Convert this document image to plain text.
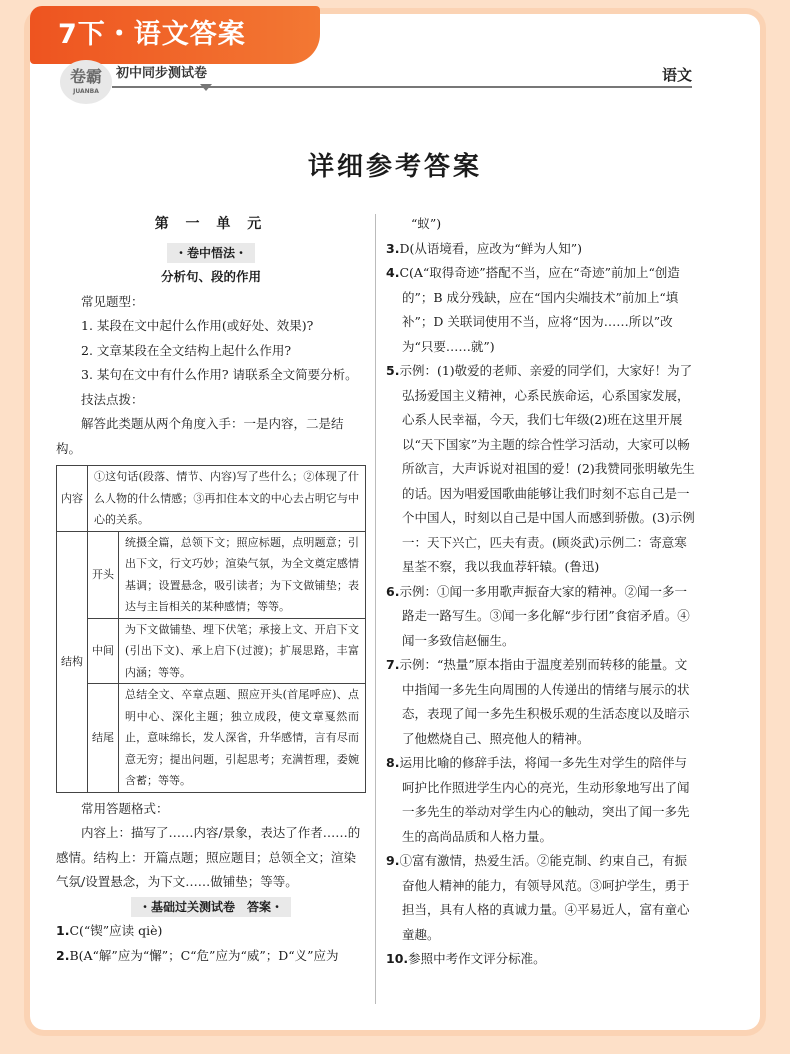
7下・语文答案
卷霸
JUANBA
初中同步测试卷	语文
详细参考答案
第 一 单 元
・卷中悟法・
分析句、段的作用

常见题型：

1. 某段在文中起什么作用(或好处、效果)?

2. 文章某段在全文结构上起什么作用?

3. 某句在文中有什么作用? 请联系全文简要分析。

技法点拨：

解答此类题从两个角度入手：一是内容，二是结构。

内容	①这句话(段落、情节、内容)写了些什么；②体现了什么人物的什么情感；③再扣住本文的中心去占明它与中心的关系。	
结构	开头	统摄全篇，总领下文；照应标题，点明题意；引出下文，行文巧妙；渲染气氛，为全文奠定感情基调；设置悬念，吸引读者；为下文做铺垫；表达与主旨相关的某种感情；等等。
	中间	为下文做铺垫、埋下伏笔；承接上文、开启下文(引出下文)、承上启下(过渡)；扩展思路，丰富内涵；等等。
	结尾	总结全文、卒章点题、照应开头(首尾呼应)、点明中心、深化主题；独立成段，使文章戛然而止，意味绵长，发人深省，升华感情，言有尽而意无穷；提出问题，引起思考；充满哲理，委婉含蓄；等等。

常用答题格式：

内容上：描写了……内容/景象，表达了作者……的感情。结构上：开篇点题；照应题目；总领全文；渲染气氛/设置悬念，为下文……做铺垫；等等。

・基础过关测试卷　答案・

1.C(“锲”应读 qiè)

2.B(A“解”应为“懈”；C“危”应为“威”；D“义”应为

“蚁”)

3.D(从语境看，应改为“鲜为人知”)

4.C(A“取得奇迹”搭配不当，应在“奇迹”前加上“创造的”；B 成分残缺，应在“国内尖端技术”前加上“填补”；D 关联词使用不当，应将“因为……所以”改为“只要……就”)

5.示例：(1)敬爱的老师、亲爱的同学们，大家好！为了弘扬爱国主义精神，心系民族命运，心系国家发展，心系人民幸福，今天，我们七年级(2)班在这里开展以“天下国家”为主题的综合性学习活动，大家可以畅所欲言，大声诉说对祖国的爱！(2)我赞同张明敏先生的话。因为唱爱国歌曲能够让我们时刻不忘自己是一个中国人，时刻以自己是中国人而感到骄傲。(3)示例一：天下兴亡，匹夫有责。(顾炎武)示例二：寄意寒星荃不察，我以我血荐轩辕。(鲁迅)

6.示例：①闻一多用歌声振奋大家的精神。②闻一多一路走一路写生。③闻一多化解“步行团”食宿矛盾。④闻一多致信赵俪生。

7.示例：“热量”原本指由于温度差别而转移的能量。文中指闻一多先生向周围的人传递出的情绪与展示的状态，表现了闻一多先生积极乐观的生活态度以及暗示了他燃烧自己、照亮他人的精神。

8.运用比喻的修辞手法，将闻一多先生对学生的陪伴与呵护比作照进学生内心的亮光，生动形象地写出了闻一多先生的举动对学生内心的触动，突出了闻一多先生的高尚品质和人格力量。

9.①富有激情，热爱生活。②能克制、约束自己，有振奋他人精神的能力，有领导风范。③呵护学生，勇于担当，具有人格的真诚力量。④平易近人，富有童心童趣。

10.参照中考作文评分标准。
